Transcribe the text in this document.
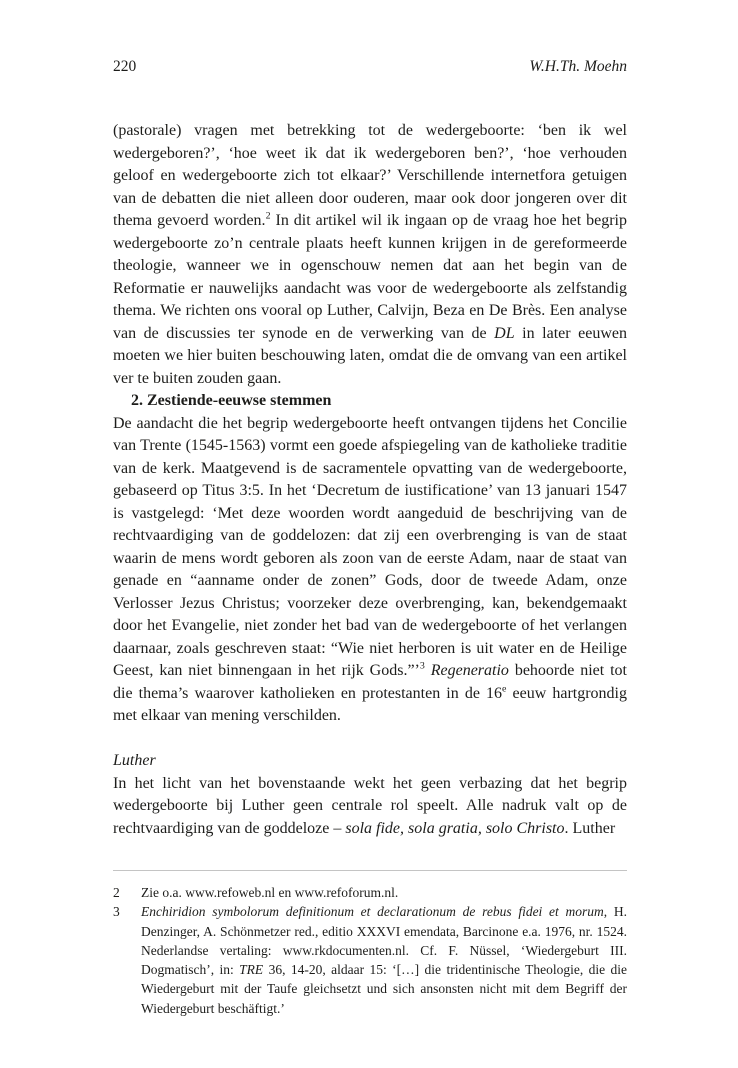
220	W.H.Th. Moehn

(pastorale) vragen met betrekking tot de wedergeboorte: ‘ben ik wel wedergeboren?’, ‘hoe weet ik dat ik wedergeboren ben?’, ‘hoe verhouden geloof en wedergeboorte zich tot elkaar?’ Verschillende internetfora getuigen van de debatten die niet alleen door ouderen, maar ook door jongeren over dit thema gevoerd worden.$^2$ In dit artikel wil ik ingaan op de vraag hoe het begrip wedergeboorte zo’n centrale plaats heeft kunnen krijgen in de gereformeerde theologie, wanneer we in ogenschouw nemen dat aan het begin van de Reformatie er nauwelijks aandacht was voor de wedergeboorte als zelfstandig thema. We richten ons vooral op Luther, Calvijn, Beza en De Brès. Een analyse van de discussies ter synode en de verwerking van de DL in later eeuwen moeten we hier buiten beschouwing laten, omdat die de omvang van een artikel ver te buiten zouden gaan.

2. Zestiende-eeuwse stemmen

De aandacht die het begrip wedergeboorte heeft ontvangen tijdens het Concilie van Trente (1545-1563) vormt een goede afspiegeling van de katholieke traditie van de kerk. Maatgevend is de sacramentele opvatting van de wedergeboorte, gebaseerd op Titus 3:5. In het ‘Decretum de iustificatione’ van 13 januari 1547 is vastgelegd: ‘Met deze woorden wordt aangeduid de beschrijving van de rechtvaardiging van de goddelozen: dat zij een overbrenging is van de staat waarin de mens wordt geboren als zoon van de eerste Adam, naar de staat van genade en “aanname onder de zonen” Gods, door de tweede Adam, onze Verlosser Jezus Christus; voorzeker deze overbrenging, kan, bekendgemaakt door het Evangelie, niet zonder het bad van de wedergeboorte of het verlangen daarnaar, zoals geschreven staat: “Wie niet herboren is uit water en de Heilige Geest, kan niet binnengaan in het rijk Gods.”’$^3$ Regeneratio behoorde niet tot die thema’s waarover katholieken en protestanten in de 16e eeuw hartgrondig met elkaar van mening verschilden.

Luther

In het licht van het bovenstaande wekt het geen verbazing dat het begrip wedergeboorte bij Luther geen centrale rol speelt. Alle nadruk valt op de rechtvaardiging van de goddeloze – sola fide, sola gratia, solo Christo. Luther

2	Zie o.a. www.refoweb.nl en www.refoforum.nl.
3	Enchiridion symbolorum definitionum et declarationum de rebus fidei et morum, H. Denzinger, A. Schönmetzer red., editio XXXVI emendata, Barcinone e.a. 1976, nr. 1524. Nederlandse vertaling: www.rkdocumenten.nl. Cf. F. Nüssel, ‘Wiedergeburt III. Dogmatisch’, in: TRE 36, 14-20, aldaar 15: ‘[…] die tridentinische Theologie, die die Wiedergeburt mit der Taufe gleichsetzt und sich ansonsten nicht mit dem Begriff der Wiedergeburt beschäftigt.’
